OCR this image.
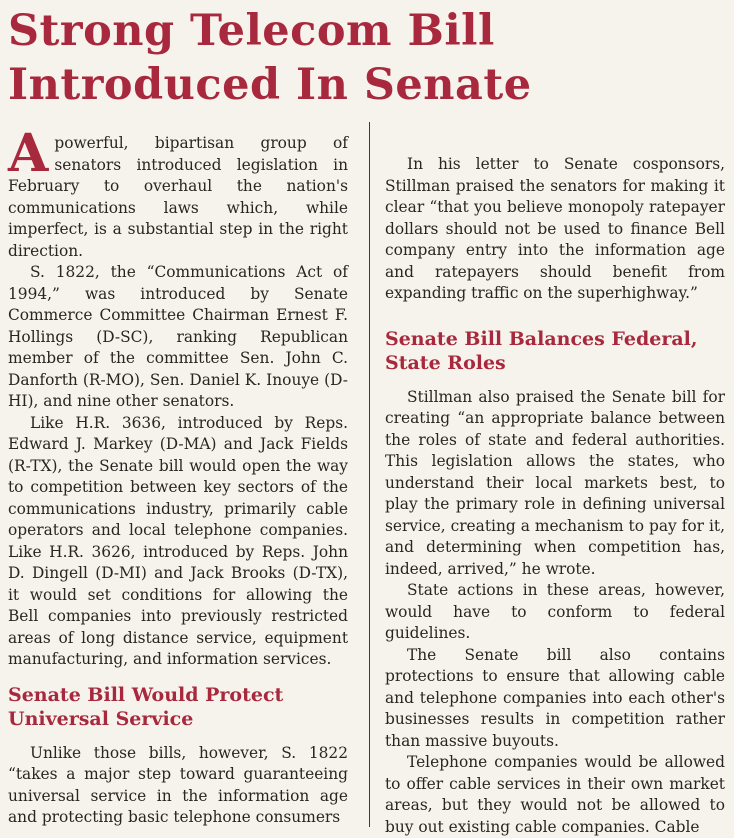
Strong Telecom Bill
Introduced In Senate

Apowerful, bipartisan group of senators introduced legislation in February to overhaul the nation's communications laws which, while imperfect, is a substantial step in the right direction.

S. 1822, the “Communications Act of 1994,” was introduced by Senate Commerce Committee Chairman Ernest F. Hollings (D-SC), ranking Republican member of the committee Sen. John C. Danforth (R-MO), Sen. Daniel K. Inouye (D-HI), and nine other senators.

Like H.R. 3636, introduced by Reps. Edward J. Markey (D-MA) and Jack Fields (R-TX), the Senate bill would open the way to competition between key sectors of the communications industry, primarily cable operators and local telephone companies. Like H.R. 3626, introduced by Reps. John D. Dingell (D-MI) and Jack Brooks (D-TX), it would set conditions for allowing the Bell companies into previously restricted areas of long distance service, equipment manufacturing, and information services.

Senate Bill Would Protect Universal Service

Unlike those bills, however, S. 1822 “takes a major step toward guaranteeing universal service in the information age and protecting basic telephone consumers

In his letter to Senate cosponsors, Stillman praised the senators for making it clear “that you believe monopoly ratepayer dollars should not be used to finance Bell company entry into the information age and ratepayers should benefit from expanding traffic on the superhighway.”

Senate Bill Balances Federal, State Roles

Stillman also praised the Senate bill for creating “an appropriate balance between the roles of state and federal authorities. This legislation allows the states, who understand their local markets best, to play the primary role in defining universal service, creating a mechanism to pay for it, and determining when competition has, indeed, arrived,” he wrote.

State actions in these areas, however, would have to conform to federal guidelines.

The Senate bill also contains protections to ensure that allowing cable and telephone companies into each other's businesses results in competition rather than massive buyouts.

Telephone companies would be allowed to offer cable services in their own market areas, but they would not be allowed to buy out existing cable companies. Cable
